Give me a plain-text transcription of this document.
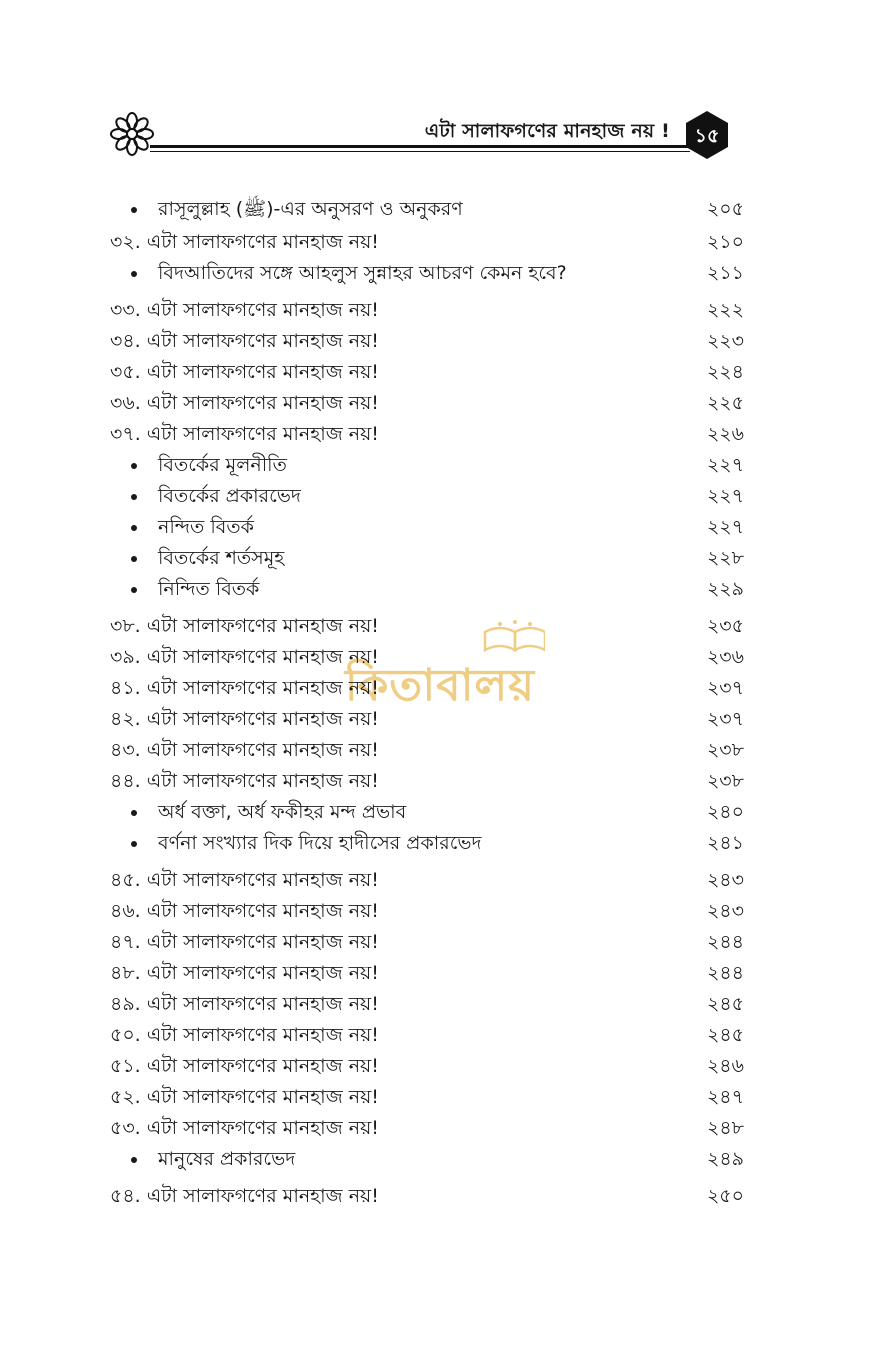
এটা সালাফগণের মানহাজ নয় !	১৫
কিতাবালয়
রাসূলুল্লাহ (ﷺ)-এর অনুসরণ ও অনুকরণ	২০৫
৩২. এটা সালাফগণের মানহাজ নয়!	২১০
বিদআতিদের সঙ্গে আহলুস সুন্নাহর আচরণ কেমন হবে?	২১১
৩৩. এটা সালাফগণের মানহাজ নয়!	২২২
৩৪. এটা সালাফগণের মানহাজ নয়!	২২৩
৩৫. এটা সালাফগণের মানহাজ নয়!	২২৪
৩৬. এটা সালাফগণের মানহাজ নয়!	২২৫
৩৭. এটা সালাফগণের মানহাজ নয়!	২২৬
বিতর্কের মূলনীতি	২২৭
বিতর্কের প্রকারভেদ	২২৭
নন্দিত বিতর্ক	২২৭
বিতর্কের শর্তসমূহ	২২৮
নিন্দিত বিতর্ক	২২৯
৩৮. এটা সালাফগণের মানহাজ নয়!	২৩৫
৩৯. এটা সালাফগণের মানহাজ নয়!	২৩৬
৪১. এটা সালাফগণের মানহাজ নয়!	২৩৭
৪২. এটা সালাফগণের মানহাজ নয়!	২৩৭
৪৩. এটা সালাফগণের মানহাজ নয়!	২৩৮
৪৪. এটা সালাফগণের মানহাজ নয়!	২৩৮
অর্ধ বক্তা, অর্ধ ফকীহর মন্দ প্রভাব	২৪০
বর্ণনা সংখ্যার দিক দিয়ে হাদীসের প্রকারভেদ	২৪১
৪৫. এটা সালাফগণের মানহাজ নয়!	২৪৩
৪৬. এটা সালাফগণের মানহাজ নয়!	২৪৩
৪৭. এটা সালাফগণের মানহাজ নয়!	২৪৪
৪৮. এটা সালাফগণের মানহাজ নয়!	২৪৪
৪৯. এটা সালাফগণের মানহাজ নয়!	২৪৫
৫০. এটা সালাফগণের মানহাজ নয়!	২৪৫
৫১. এটা সালাফগণের মানহাজ নয়!	২৪৬
৫২. এটা সালাফগণের মানহাজ নয়!	২৪৭
৫৩. এটা সালাফগণের মানহাজ নয়!	২৪৮
মানুষের প্রকারভেদ	২৪৯
৫৪. এটা সালাফগণের মানহাজ নয়!	২৫০
